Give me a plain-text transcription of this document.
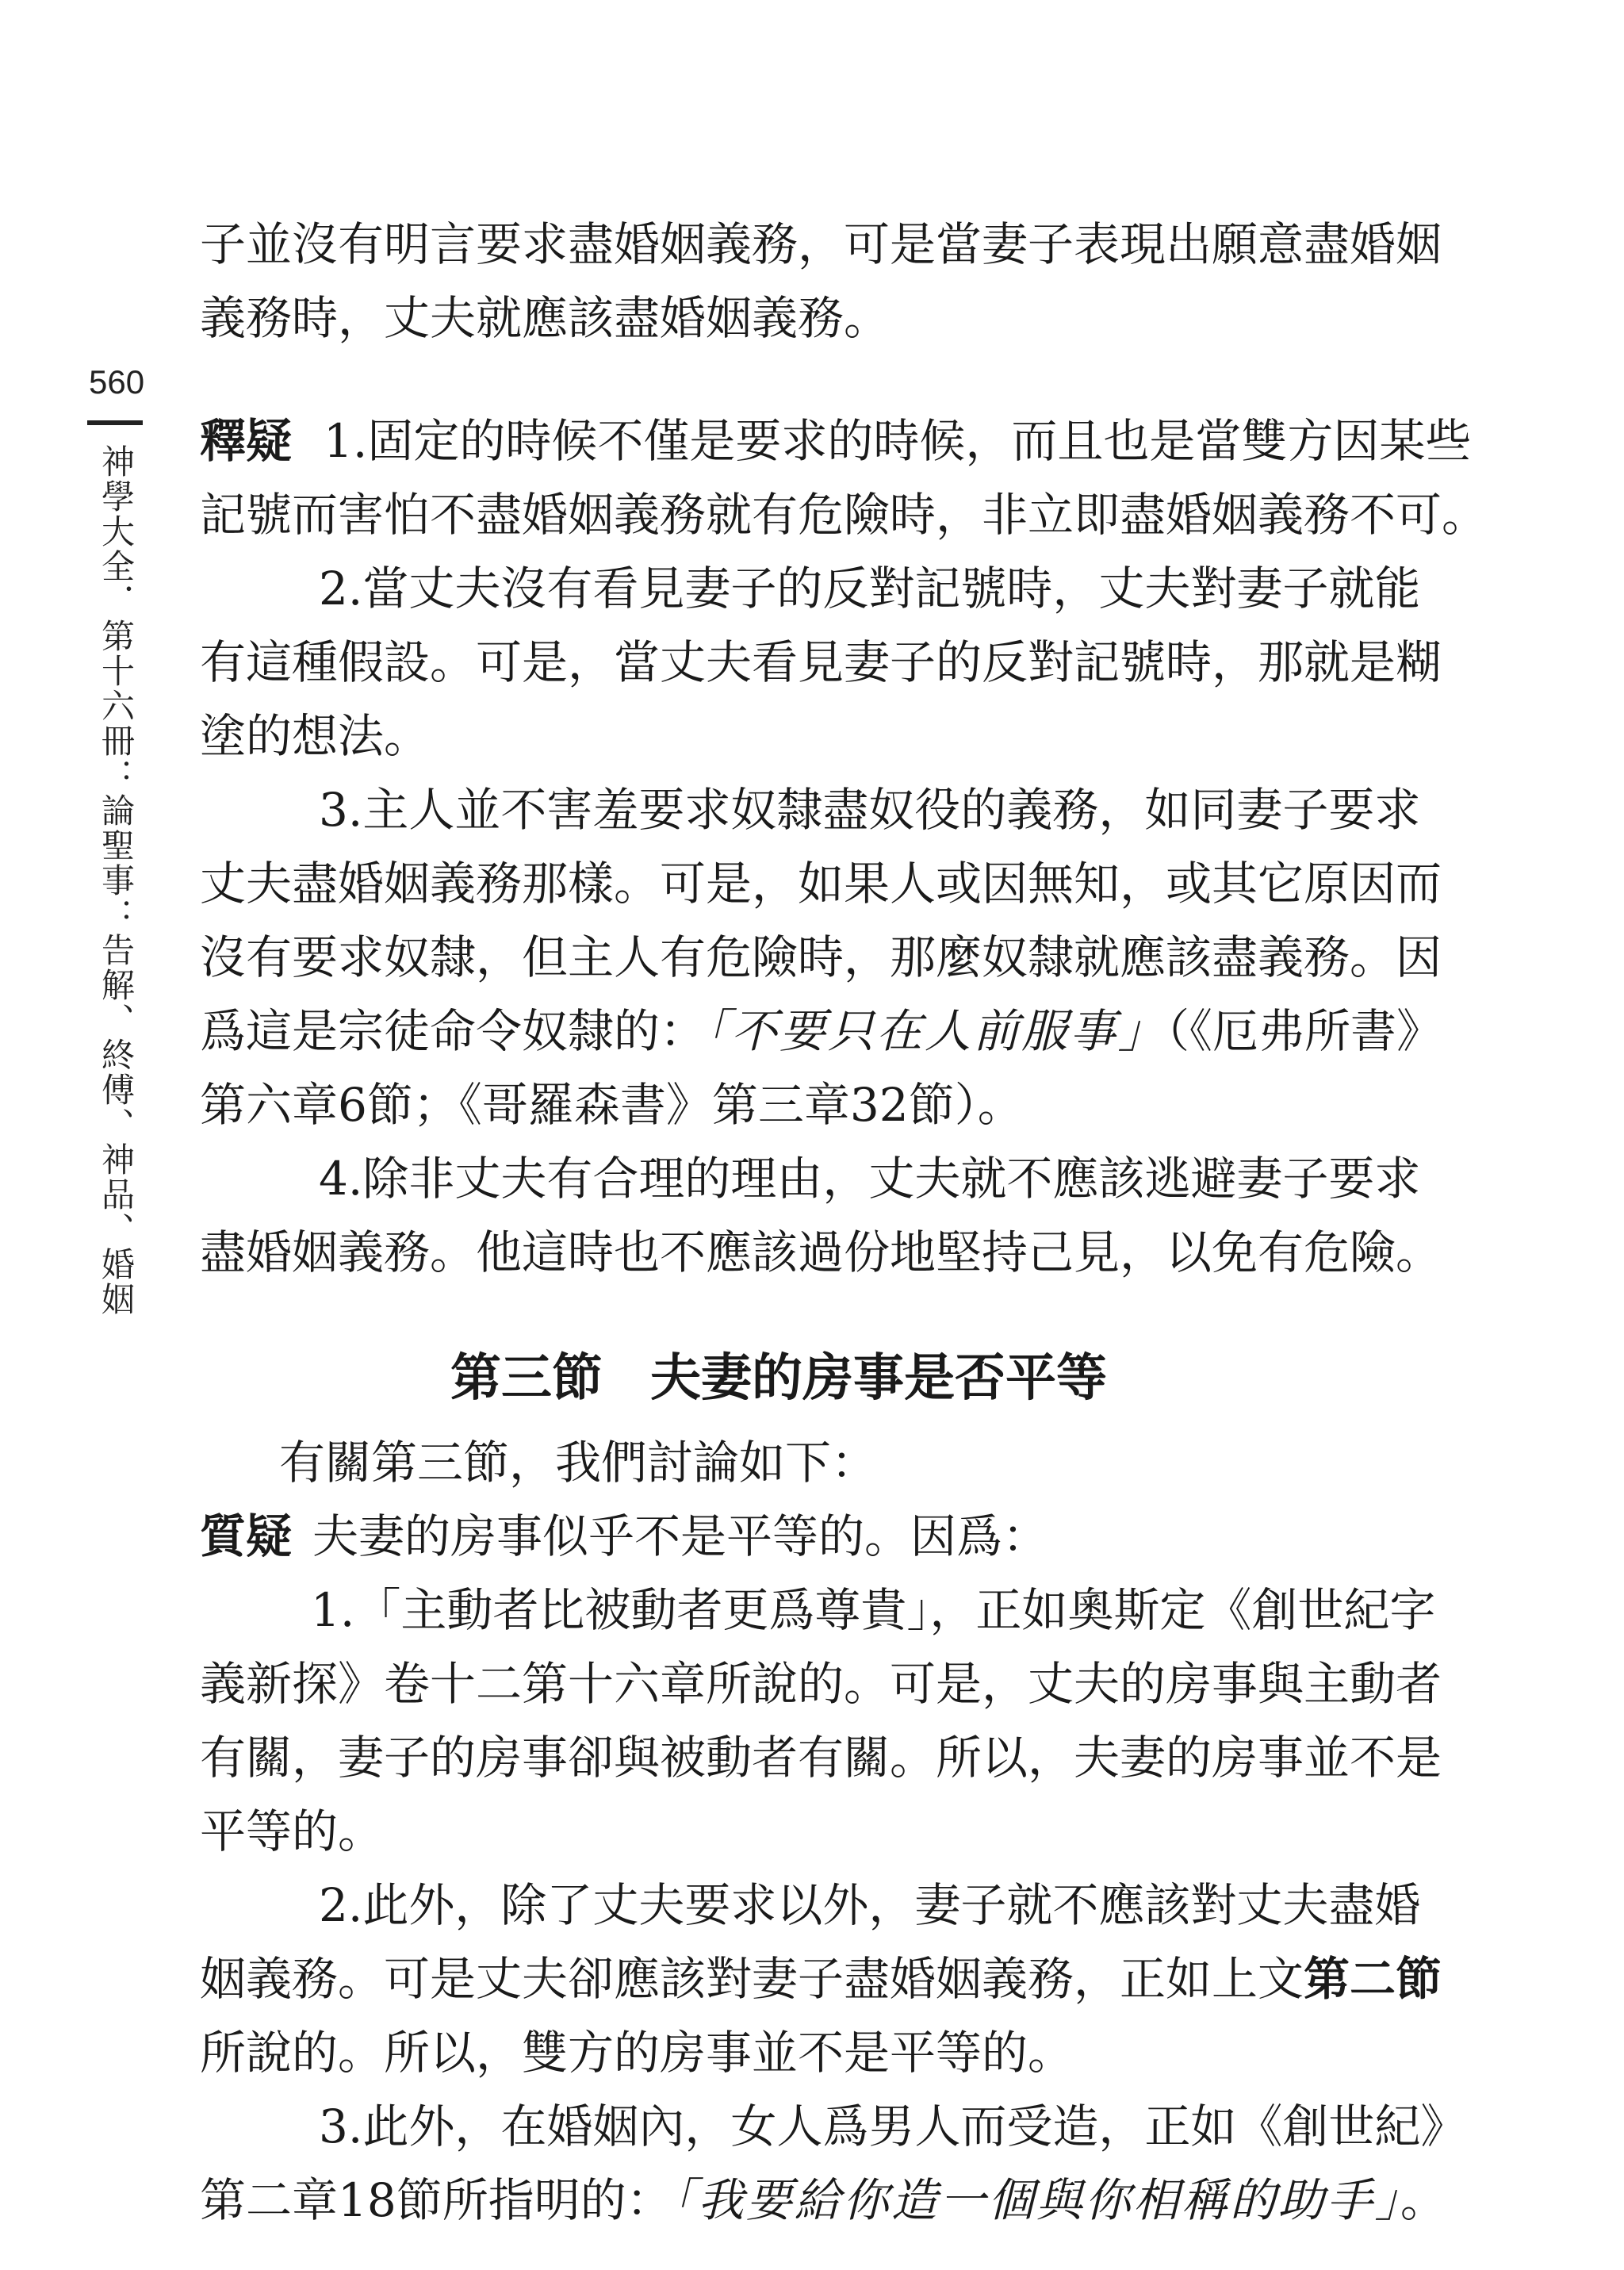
560
神學大全．第十六冊：論聖事：告解、終傅、神品、婚姻
子並沒有明言要求盡婚姻義務，可是當妻子表現出願意盡婚姻
義務時，丈夫就應該盡婚姻義務。
釋疑 1.固定的時候不僅是要求的時候，而且也是當雙方因某些
記號而害怕不盡婚姻義務就有危險時，非立即盡婚姻義務不可。
2.當丈夫沒有看見妻子的反對記號時，丈夫對妻子就能
有這種假設。可是，當丈夫看見妻子的反對記號時，那就是糊
塗的想法。
3.主人並不害羞要求奴隸盡奴役的義務，如同妻子要求
丈夫盡婚姻義務那樣。可是，如果人或因無知，或其它原因而
沒有要求奴隸，但主人有危險時，那麼奴隸就應該盡義務。因
爲這是宗徒命令奴隸的：「不要只在人前服事」（《厄弗所書》
第六章6節；《哥羅森書》第三章32節）。
4.除非丈夫有合理的理由，丈夫就不應該逃避妻子要求
盡婚姻義務。他這時也不應該過份地堅持己見，以免有危險。
第三節 夫妻的房事是否平等
有關第三節，我們討論如下：
質疑 夫妻的房事似乎不是平等的。因爲：
1.「主動者比被動者更爲尊貴」，正如奧斯定《創世紀字
義新探》卷十二第十六章所說的。可是，丈夫的房事與主動者
有關，妻子的房事卻與被動者有關。所以，夫妻的房事並不是
平等的。
2.此外，除了丈夫要求以外，妻子就不應該對丈夫盡婚
姻義務。可是丈夫卻應該對妻子盡婚姻義務，正如上文第二節
所說的。所以，雙方的房事並不是平等的。
3.此外，在婚姻內，女人爲男人而受造，正如《創世紀》
第二章18節所指明的：「我要給你造一個與你相稱的助手」。
